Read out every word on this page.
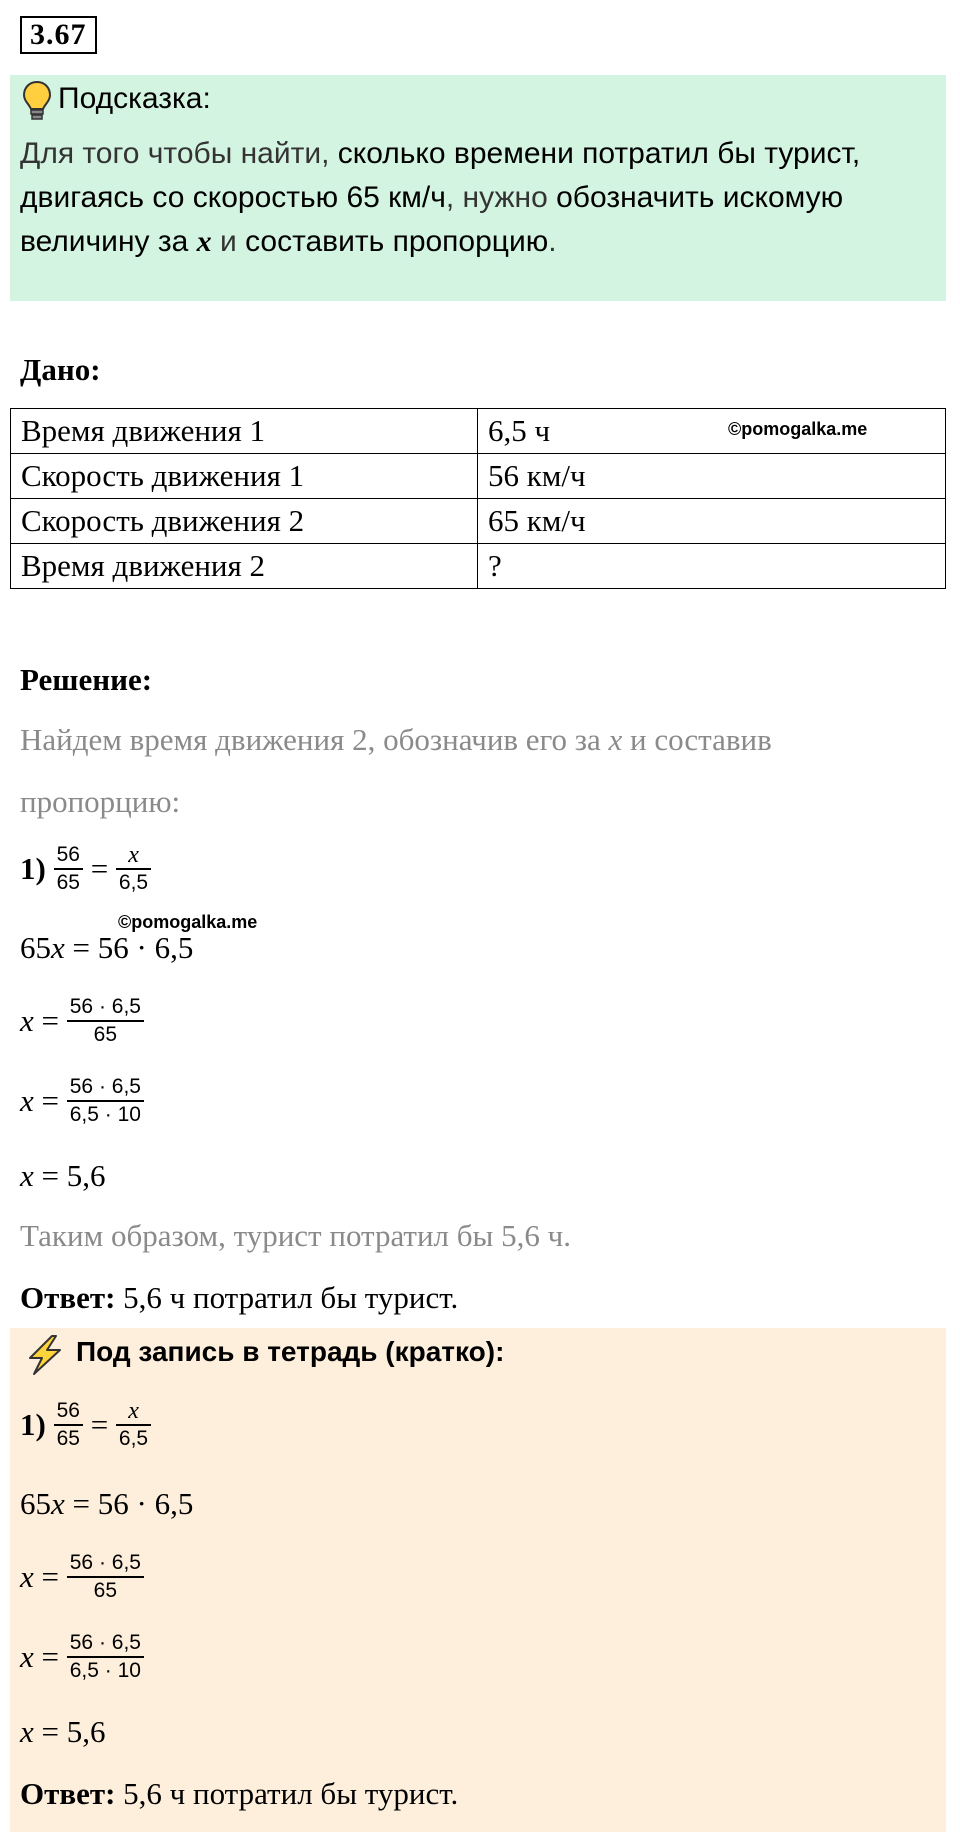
3.67
Подсказка:
Для того чтобы найти, сколько времени потратил бы турист, двигаясь со скоростью 65 км/ч, нужно обозначить искомую величину за x и составить пропорцию.
Дано:
Время движения 1	6,5 ч ©pomogalka.me

Скорость движения 1	56 км/ч
Скорость движения 2	65 км/ч
Время движения 2	?
Решение:
Найдем время движения 2, обозначив его за x и составив
пропорцию:
$1) \frac{56}{65} = \frac{x}{6,5}$
©pomogalka.me
65x = 56 · 6,5
$x = \frac{56 \cdot 6,5}{65}$
$x = \frac{56 \cdot 6,5}{6,5 \cdot 10}$
x = 5,6
Таким образом, турист потратил бы 5,6 ч.
Ответ: 5,6 ч потратил бы турист.
Под запись в тетрадь (кратко):
$1) \frac{56}{65} = \frac{x}{6,5}$
65x = 56 · 6,5
$x = \frac{56 \cdot 6,5}{65}$
$x = \frac{56 \cdot 6,5}{6,5 \cdot 10}$
x = 5,6
Ответ: 5,6 ч потратил бы турист.
